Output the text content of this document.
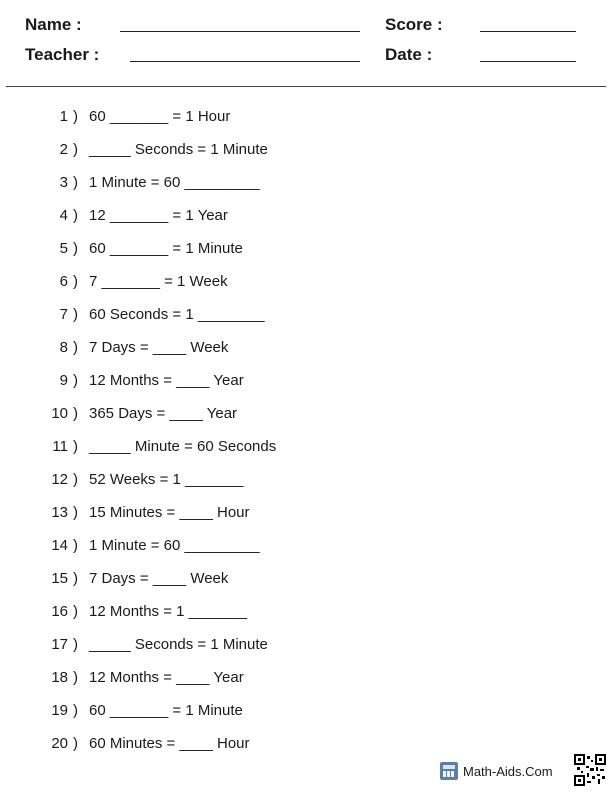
Name :	Score :
Teacher :	Date :
1 ) 60 _______ = 1 Hour
2 ) _____ Seconds = 1 Minute
3 ) 1 Minute = 60 _________
4 ) 12 _______ = 1 Year
5 ) 60 _______ = 1 Minute
6 ) 7 _______ = 1 Week
7 ) 60 Seconds = 1 ________
8 ) 7 Days = ____ Week
9 ) 12 Months = ____ Year
10 ) 365 Days = ____ Year
11 ) _____ Minute = 60 Seconds
12 ) 52 Weeks = 1 _______
13 ) 15 Minutes = ____ Hour
14 ) 1 Minute = 60 _________
15 ) 7 Days = ____ Week
16 ) 12 Months = 1 _______
17 ) _____ Seconds = 1 Minute
18 ) 12 Months = ____ Year
19 ) 60 _______ = 1 Minute
20 ) 60 Minutes = ____ Hour
Math-Aids.Com
